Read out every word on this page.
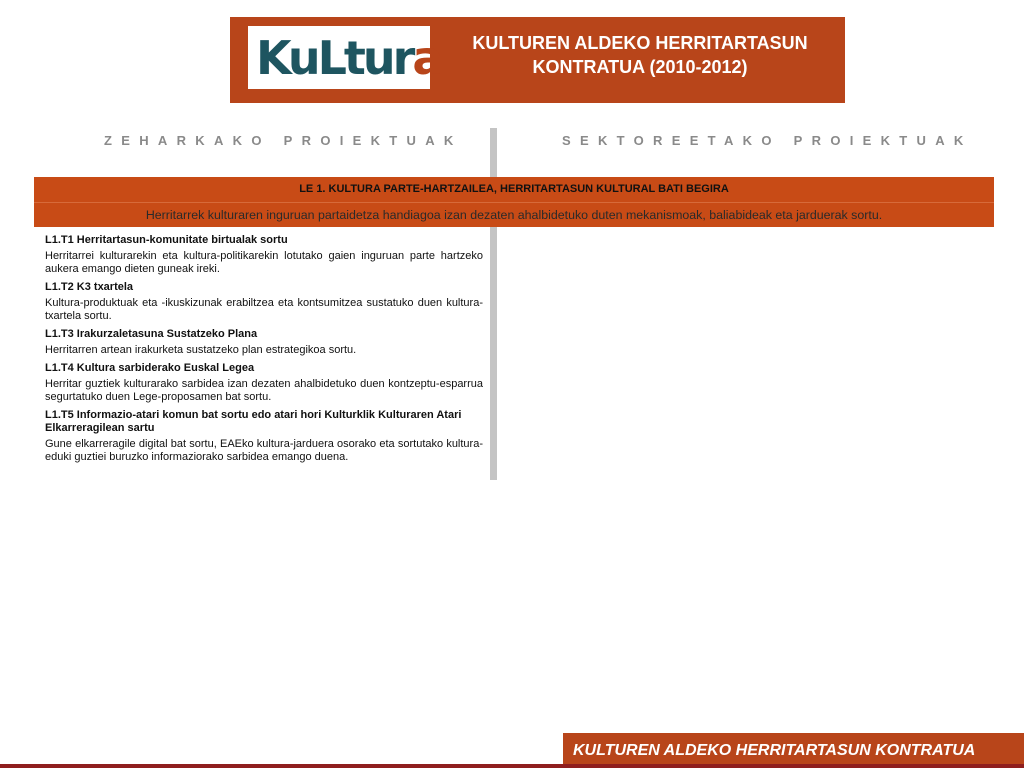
KuLtura	KULTUREN ALDEKO HERRITARTASUN
KONTRATUA (2010-2012)
ZEHARKAKO PROIEKTUAK	SEKTOREETAKO PROIEKTUAK
LE 1. KULTURA PARTE-HARTZAILEA, HERRITARTASUN KULTURAL BATI BEGIRA
Herritarrek kulturaren inguruan partaidetza handiagoa izan dezaten ahalbidetuko duten mekanismoak, baliabideak eta jarduerak sortu.
L1.T1 Herritartasun-komunitate birtualak sortu
Herritarrei kulturarekin eta kultura-politikarekin lotutako gaien inguruan parte hartzeko aukera emango dieten guneak ireki.
L1.T2 K3 txartela
Kultura-produktuak eta -ikuskizunak erabiltzea eta kontsumitzea sustatuko duen kultura-txartela sortu.
L1.T3 Irakurzaletasuna Sustatzeko Plana
Herritarren artean irakurketa sustatzeko plan estrategikoa sortu.
L1.T4 Kultura sarbiderako Euskal Legea
Herritar guztiek kulturarako sarbidea izan dezaten ahalbidetuko duen kontzeptu-esparrua segurtatuko duen Lege-proposamen bat sortu.
L1.T5 Informazio-atari komun bat sortu edo atari hori Kulturklik Kulturaren Atari Elkarreragilean sartu
Gune elkarreragile digital bat sortu, EAEko kultura-jarduera osorako eta sortutako kultura-eduki guztiei buruzko informaziorako sarbidea emango duena.
KULTUREN ALDEKO HERRITARTASUN KONTRATUA
